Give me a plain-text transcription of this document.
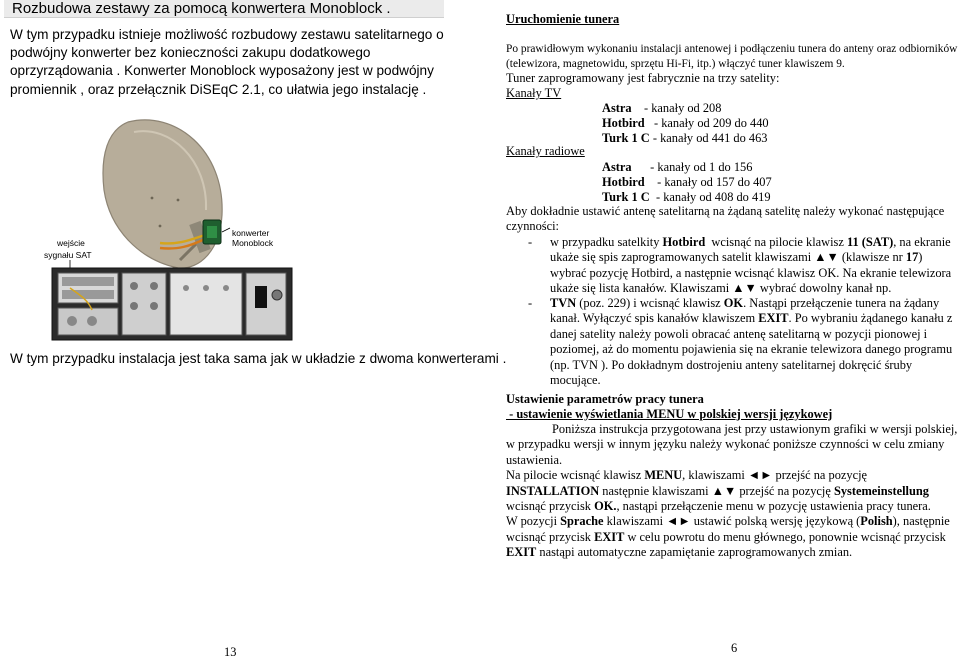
Rozbudowa zestawy za pomocą konwertera Monoblock .
W tym przypadku istnieje możliwość rozbudowy zestawu satelitarnego o podwójny konwerter bez konieczności zakupu dodatkowego oprzyrządowania . Konwerter Monoblock wyposażony jest w podwójny promiennik , oraz przełącznik DiSEqC 2.1, co ułatwia jego instalację .
konwerter
Monoblock
wejście
sygnału SAT
W tym przypadku instalacja jest taka sama jak w układzie z dwoma konwerterami .
13
Uruchomienie tunera
Po prawidłowym wykonaniu instalacji antenowej i podłączeniu tunera do anteny oraz odbiorników (telewizora, magnetowidu, sprzętu Hi-Fi, itp.) włączyć tuner klawiszem 9.
Tuner zaprogramowany jest fabrycznie na trzy satelity:
Kanały TV
Astra    - kanały od 208
Hotbird   - kanały od 209 do 440
Turk 1 C - kanały od 441 do 463
Kanały radiowe
Astra      - kanały od 1 do 156
Hotbird    - kanały od 157 do 407
Turk 1 C  - kanały od 408 do 419
Aby dokładnie ustawić antenę satelitarną na żądaną satelitę należy wykonać następujące czynności:
- w przypadku satelkity Hotbird  wcisnąć na pilocie klawisz 11 (SAT), na ekranie ukaże się spis zaprogramowanych satelit klawiszami ▲▼ (klawisze nr 17) wybrać pozycję Hotbird, a następnie wcisnąć klawisz OK. Na ekranie telewizora ukaże się lista kanałów. Klawiszami ▲▼ wybrać dowolny kanał np.
- TVN (poz. 229) i wcisnąć klawisz OK. Nastąpi przełączenie tunera na żądany kanał. Wyłączyć spis kanałów klawiszem EXIT. Po wybraniu żądanego kanału z danej satelity należy powoli obracać antenę satelitarną w pozycji pionowej i poziomej, aż do momentu pojawienia się na ekranie telewizora danego programu (np. TVN ). Po dokładnym dostrojeniu anteny satelitarnej dokręcić śruby mocujące.
Ustawienie parametrów pracy tunera
- ustawienie wyświetlania MENU w polskiej wersji językowej

Poniższa instrukcja przygotowana jest przy ustawionym grafiki w wersji polskiej, w przypadku wersji w innym języku należy wykonać poniższe czynności w celu zmiany ustawienia.

Na pilocie wcisnąć klawisz MENU, klawiszami ◄► przejść na pozycję INSTALLATION następnie klawiszami ▲▼ przejść na pozycję Systemeinstellung wcisnąć przycisk OK., nastąpi przełączenie menu w pozycję ustawienia pracy tunera.

W pozycji Sprache klawiszami ◄► ustawić polską wersję językową (Polish), następnie wcisnąć przycisk EXIT w celu powrotu do menu głównego, ponownie wcisnąć przycisk EXIT nastąpi automatyczne zapamiętanie zaprogramowanych zmian.

6
